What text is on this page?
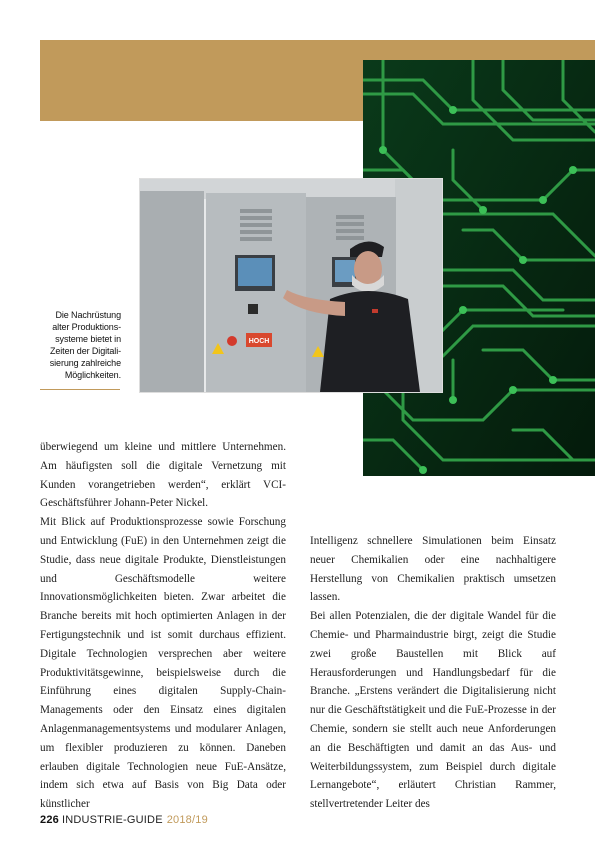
HOCH
Die Nachrüstung
alter Produktions-
systeme bietet in
Zeiten der Digitali-
sierung zahlreiche
Möglichkeiten.

überwiegend um kleine und mittlere Unternehmen. Am häufigsten soll die digitale Vernetzung mit Kunden vorangetrieben werden“, erklärt VCI-Geschäftsführer Johann-Peter Nickel.

Mit Blick auf Produktionsprozesse sowie Forschung und Entwicklung (FuE) in den Unternehmen zeigt die Studie, dass neue digitale Produkte, Dienstleistungen und Geschäftsmodelle weitere Innovationsmöglichkeiten bieten. Zwar arbeitet die Branche bereits mit hoch optimierten Anlagen in der Fertigungstechnik und ist somit durchaus effizient. Digitale Technologien versprechen aber weitere Produktivitätsgewinne, beispielsweise durch die Einführung eines digitalen Supply-Chain-Managements oder den Einsatz eines digitalen Anlagenmanagementsystems und modularer Anlagen, um flexibler produzieren zu können. Daneben erlauben digitale Technologien neue FuE-Ansätze, indem sich etwa auf Basis von Big Data oder künstlicher

Intelligenz schnellere Simulationen beim Einsatz neuer Chemikalien oder eine nachhaltigere Herstellung von Chemikalien praktisch umsetzen lassen.

Bei allen Potenzialen, die der digitale Wandel für die Chemie- und Pharmaindustrie birgt, zeigt die Studie zwei große Baustellen mit Blick auf Herausforderungen und Handlungsbedarf für die Branche. „Erstens verändert die Digitalisierung nicht nur die Geschäftstätigkeit und die FuE-Prozesse in der Chemie, sondern sie stellt auch neue Anforderungen an die Beschäftigten und damit an das Aus- und Weiterbildungssystem, zum Beispiel durch digitale Lernangebote“, erläutert Christian Rammer, stellvertretender Leiter des

226 INDUSTRIE-GUIDE 2018/19
